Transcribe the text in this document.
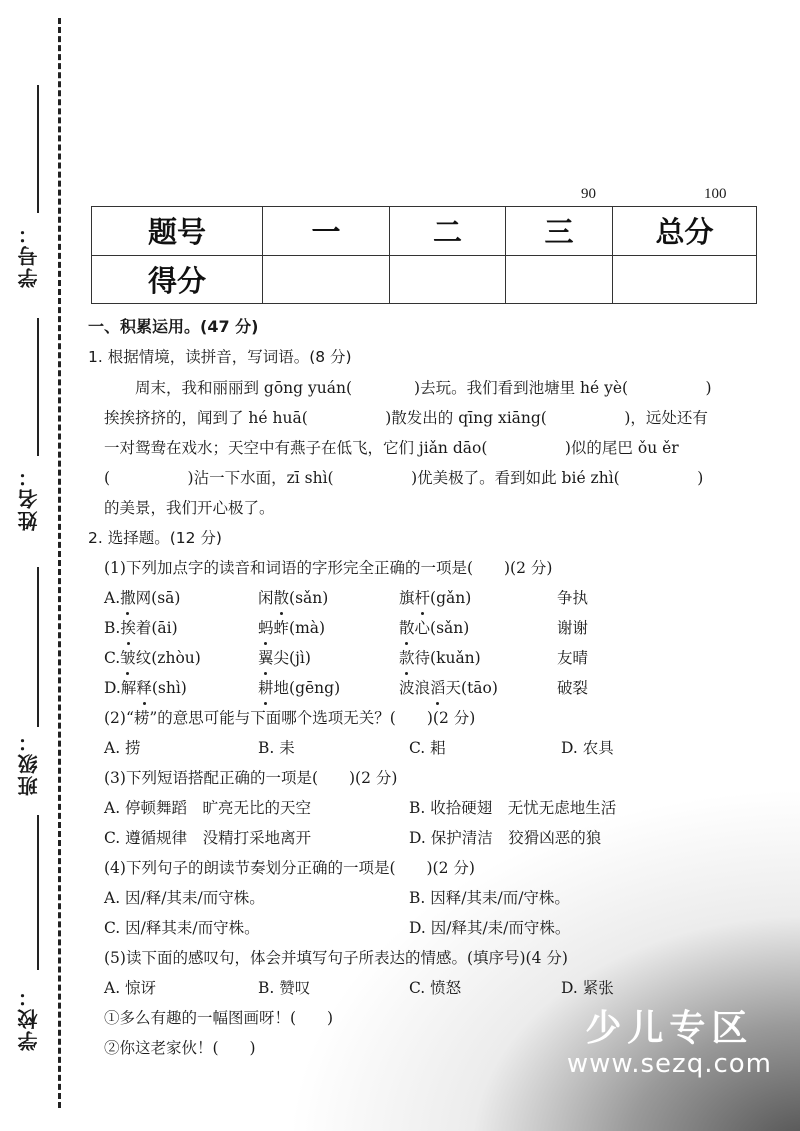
学号：
姓名：
班级：
学校：
90	100
题号	一	二	三	总分
得分				
一、积累运用。(47 分)
1. 根据情境，读拼音，写词语。(8 分)
　　周末，我和丽丽到 gōng yuán(　　　　)去玩。我们看到池塘里 hé yè(　　　　　)
挨挨挤挤的，闻到了 hé huā(　　　　　)散发出的 qīng xiāng(　　　　　)，远处还有
一对鸳鸯在戏水；天空中有燕子在低飞，它们 jiǎn dāo(　　　　　)似的尾巴 ǒu ěr
(　　　　　)沾一下水面，zī shì(　　　　　)优美极了。看到如此 bié zhì(　　　　　)
的美景，我们开心极了。
2. 选择题。(12 分)
(1)下列加点字的读音和词语的字形完全正确的一项是(　　)(2 分)
A.撒网(sā)	闲散(sǎn)	旗杆(gǎn)	争执
B.挨着(āi)	蚂蚱(mà)	散心(sǎn)	谢谢
C.皱纹(zhòu)	翼尖(jì)	款待(kuǎn)	友晴
D.解释(shì)	耕地(gēng)	波浪滔天(tāo)	破裂
(2)“耢”的意思可能与下面哪个选项无关？(　　)(2 分)
A. 捞	B. 耒	C. 耜	D. 农具
(3)下列短语搭配正确的一项是(　　)(2 分)
A. 停顿舞蹈　旷亮无比的天空	B. 收拾硬翅　无忧无虑地生活
C. 遵循规律　没精打采地离开	D. 保护清洁　狡猾凶恶的狼
(4)下列句子的朗读节奏划分正确的一项是(　　)(2 分)
A. 因/释/其耒/而守株。	B. 因释/其耒/而/守株。
C. 因/释其耒/而守株。	D. 因/释其/耒/而守株。
(5)读下面的感叹句，体会并填写句子所表达的情感。(填序号)(4 分)
A. 惊讶	B. 赞叹	C. 愤怒	D. 紧张
①多么有趣的一幅图画呀！(　　)
②你这老家伙！(　　)	少儿专区
www.sezq.com
